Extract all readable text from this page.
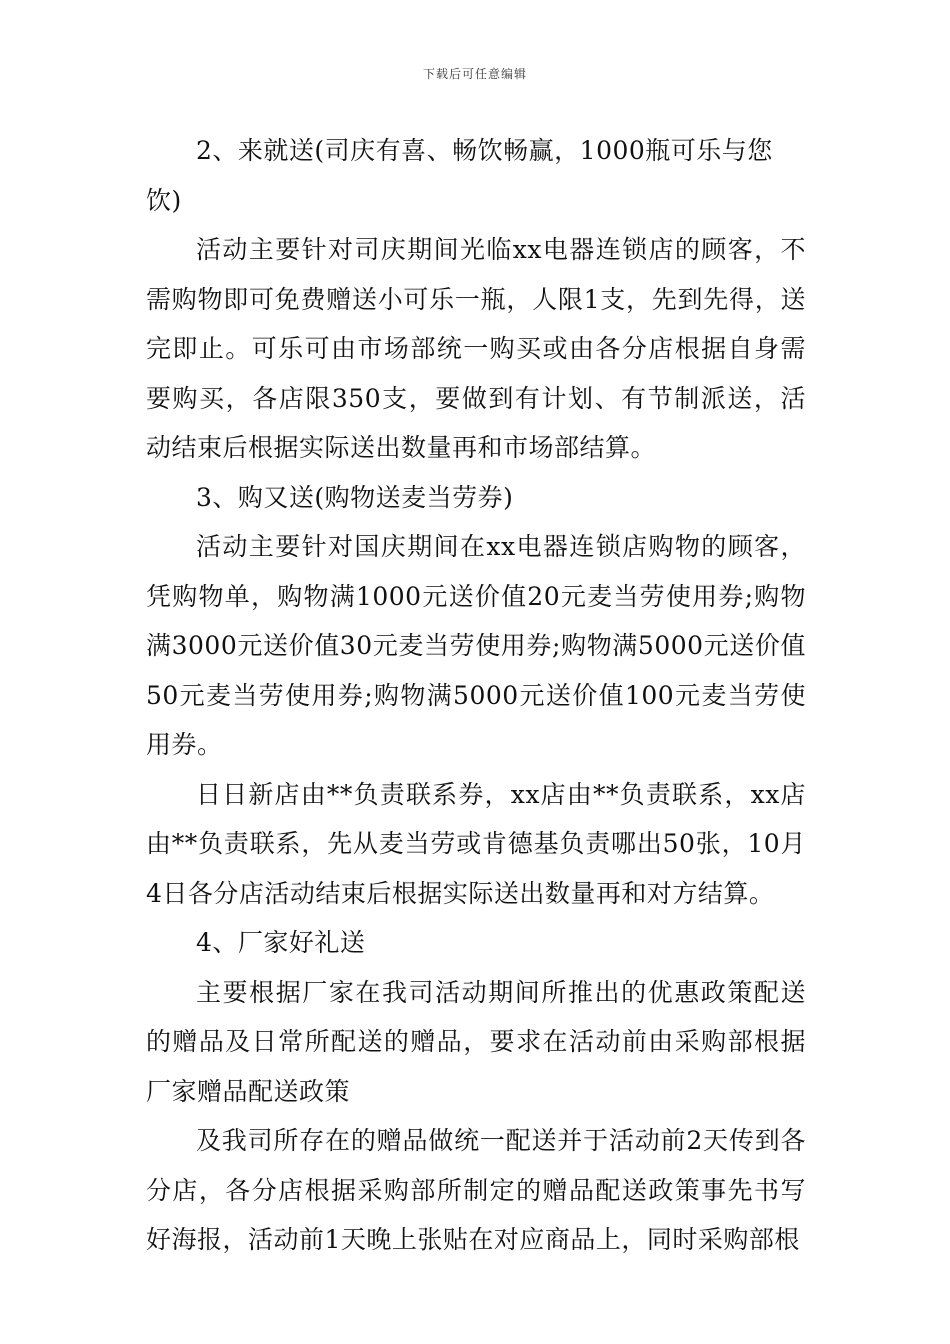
下载后可任意编辑

2、来就送(司庆有喜、畅饮畅赢，1000瓶可乐与您饮)

活动主要针对司庆期间光临xx电器连锁店的顾客，不需购物即可免费赠送小可乐一瓶，人限1支，先到先得，送完即止。可乐可由市场部统一购买或由各分店根据自身需要购买，各店限350支，要做到有计划、有节制派送，活动结束后根据实际送出数量再和市场部结算。

3、购又送(购物送麦当劳券)

活动主要针对国庆期间在xx电器连锁店购物的顾客，凭购物单，购物满1000元送价值20元麦当劳使用券;购物满3000元送价值30元麦当劳使用券;购物满5000元送价值50元麦当劳使用券;购物满5000元送价值100元麦当劳使用券。

日日新店由**负责联系券，xx店由**负责联系，xx店由**负责联系，先从麦当劳或肯德基负责哪出50张，10月4日各分店活动结束后根据实际送出数量再和对方结算。

4、厂家好礼送

主要根据厂家在我司活动期间所推出的优惠政策配送的赠品及日常所配送的赠品，要求在活动前由采购部根据厂家赠品配送政策

及我司所存在的赠品做统一配送并于活动前2天传到各分店，各分店根据采购部所制定的赠品配送政策事先书写好海报，活动前1天晚上张贴在对应商品上，同时采购部根
